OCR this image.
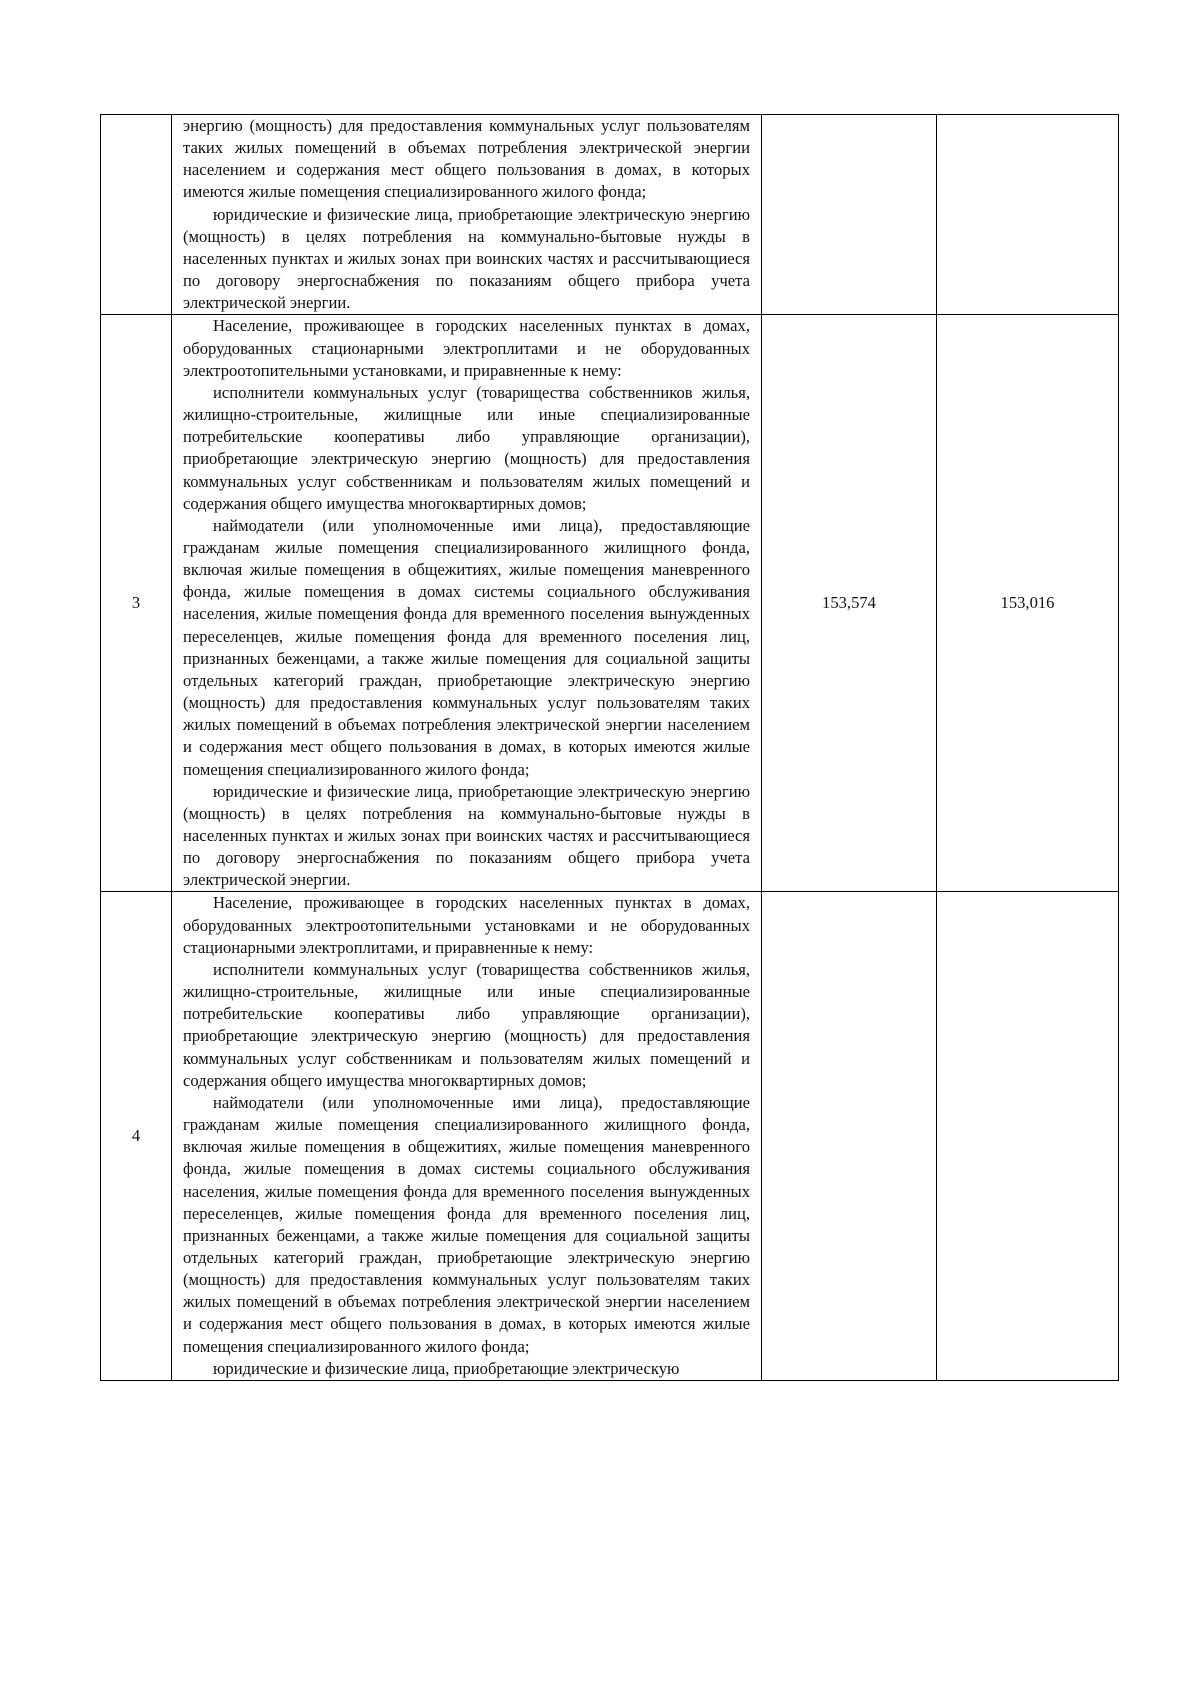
	энергию (мощность) для предоставления коммунальных услуг пользователям таких жилых помещений в объемах потребления электрической энергии населением и содержания мест общего пользования в домах, в которых имеются жилые помещения специализированного жилого фонда;

юридические и физические лица, приобретающие электрическую энергию (мощность) в целях потребления на коммунально-бытовые нужды в населенных пунктах и жилых зонах при воинских частях и рассчитывающиеся по договору энергоснабжения по показаниям общего прибора учета электрической энергии.		

3	Население, проживающее в городских населенных пунктах в домах, оборудованных стационарными электроплитами и не оборудованных электроотопительными установками, и приравненные к нему:

исполнители коммунальных услуг (товарищества собственников жилья, жилищно-строительные, жилищные или иные специализированные потребительские кооперативы либо управляющие организации), приобретающие электрическую энергию (мощность) для предоставления коммунальных услуг собственникам и пользователям жилых помещений и содержания общего имущества многоквартирных домов;

наймодатели (или уполномоченные ими лица), предоставляющие гражданам жилые помещения специализированного жилищного фонда, включая жилые помещения в общежитиях, жилые помещения маневренного фонда, жилые помещения в домах системы социального обслуживания населения, жилые помещения фонда для временного поселения вынужденных переселенцев, жилые помещения фонда для временного поселения лиц, признанных беженцами, а также жилые помещения для социальной защиты отдельных категорий граждан, приобретающие электрическую энергию (мощность) для предоставления коммунальных услуг пользователям таких жилых помещений в объемах потребления электрической энергии населением и содержания мест общего пользования в домах, в которых имеются жилые помещения специализированного жилого фонда;

юридические и физические лица, приобретающие электрическую энергию (мощность) в целях потребления на коммунально-бытовые нужды в населенных пунктах и жилых зонах при воинских частях и рассчитывающиеся по договору энергоснабжения по показаниям общего прибора учета электрической энергии.	153,574	153,016
4	Население, проживающее в городских населенных пунктах в домах, оборудованных электроотопительными установками и не оборудованных стационарными электроплитами, и приравненные к нему:

исполнители коммунальных услуг (товарищества собственников жилья, жилищно-строительные, жилищные или иные специализированные потребительские кооперативы либо управляющие организации), приобретающие электрическую энергию (мощность) для предоставления коммунальных услуг собственникам и пользователям жилых помещений и содержания общего имущества многоквартирных домов;

наймодатели (или уполномоченные ими лица), предоставляющие гражданам жилые помещения специализированного жилищного фонда, включая жилые помещения в общежитиях, жилые помещения маневренного фонда, жилые помещения в домах системы социального обслуживания населения, жилые помещения фонда для временного поселения вынужденных переселенцев, жилые помещения фонда для временного поселения лиц, признанных беженцами, а также жилые помещения для социальной защиты отдельных категорий граждан, приобретающие электрическую энергию (мощность) для предоставления коммунальных услуг пользователям таких жилых помещений в объемах потребления электрической энергии населением и содержания мест общего пользования в домах, в которых имеются жилые помещения специализированного жилого фонда;

юридические и физические лица, приобретающие электрическую		
